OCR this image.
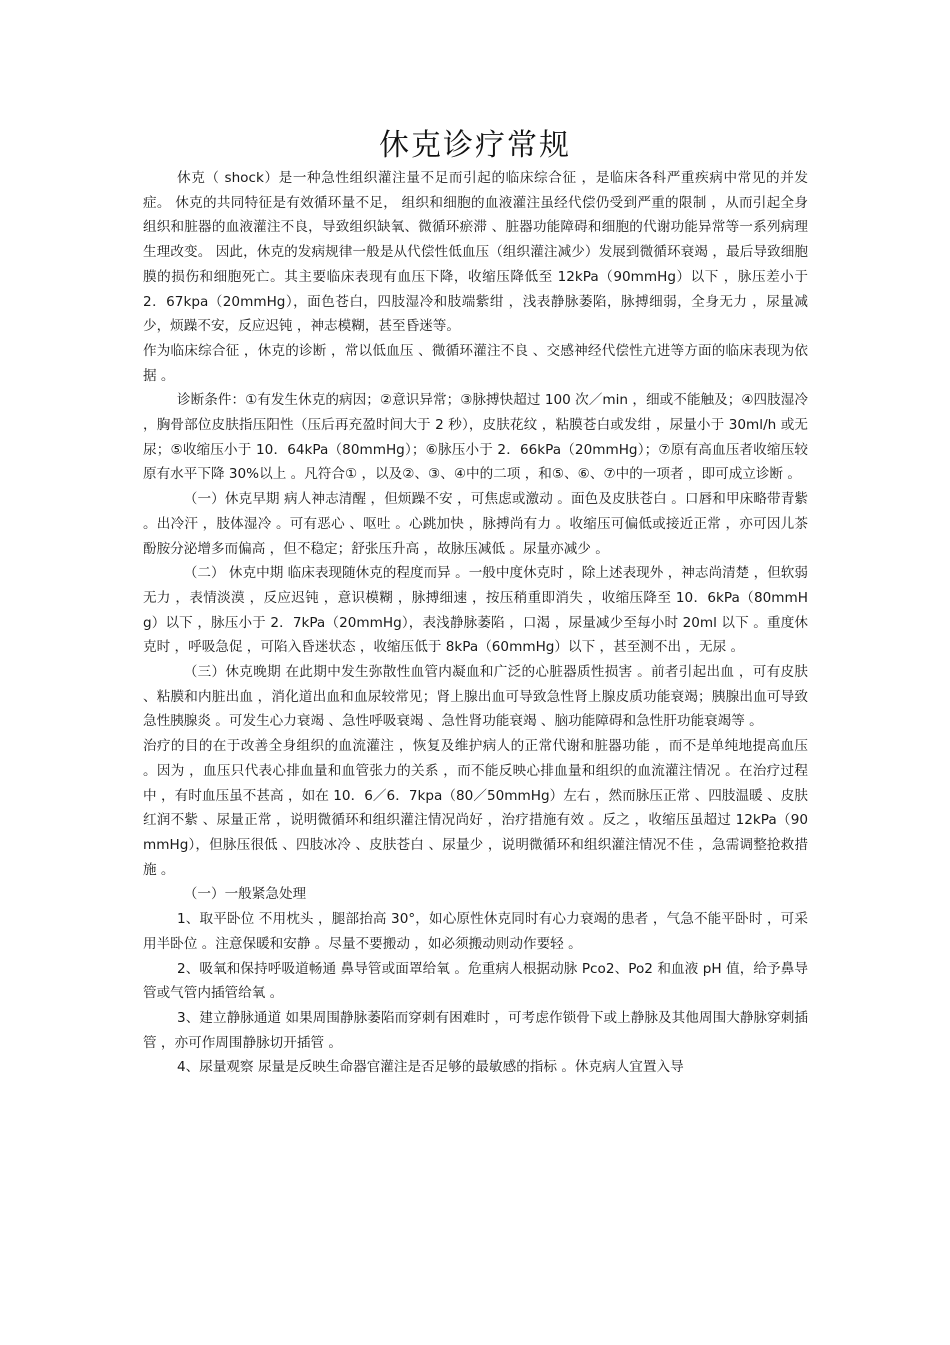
休克诊疗常规

休克（ shock）是一种急性组织灌注量不足而引起的临床综合征 ，是临床各科严重疾病中常见的并发症。 休克的共同特征是有效循环量不足， 组织和细胞的血液灌注虽经代偿仍受到严重的限制 ，从而引起全身组织和脏器的血液灌注不良，导致组织缺氧、微循环瘀滞 、脏器功能障碍和细胞的代谢功能异常等一系列病理生理改变。 因此，休克的发病规律一般是从代偿性低血压（组织灌注减少）发展到微循环衰竭 ，最后导致细胞膜的损伤和细胞死亡。其主要临床表现有血压下降，收缩压降低至 12kPa（90mmHg）以下 ，脉压差小于 2．67kpa（20mmHg），面色苍白，四肢湿冷和肢端紫绀 ，浅表静脉萎陷，脉搏细弱，全身无力 ，尿量减少，烦躁不安，反应迟钝 ，神志模糊，甚至昏迷等。

作为临床综合征 ，休克的诊断 ，常以低血压 、微循环灌注不良 、交感神经代偿性亢进等方面的临床表现为依据 。

诊断条件：①有发生休克的病因；②意识异常；③脉搏快超过 100 次／min ，细或不能触及；④四肢湿冷 ，胸骨部位皮肤指压阳性（压后再充盈时间大于 2 秒），皮肤花纹 ，粘膜苍白或发绀 ，尿量小于 30ml/h 或无尿；⑤收缩压小于 10．64kPa（80mmHg）；⑥脉压小于 2．66kPa（20mmHg）；⑦原有高血压者收缩压较原有水平下降 30%以上 。凡符合① ，以及②、③、④中的二项 ，和⑤、⑥、⑦中的一项者 ，即可成立诊断 。

（一）休克早期 病人神志清醒 ，但烦躁不安 ，可焦虑或激动 。面色及皮肤苍白 。口唇和甲床略带青紫 。出冷汗 ，肢体湿冷 。可有恶心 、呕吐 。心跳加快 ，脉搏尚有力 。收缩压可偏低或接近正常 ，亦可因儿茶酚胺分泌增多而偏高 ，但不稳定；舒张压升高 ，故脉压减低 。尿量亦减少 。

（二） 休克中期 临床表现随休克的程度而异 。一般中度休克时 ，除上述表现外 ，神志尚清楚 ，但软弱无力 ，表情淡漠 ，反应迟钝 ，意识模糊 ，脉搏细速 ，按压稍重即消失 ，收缩压降至 10．6kPa（80mmHg）以下 ，脉压小于 2．7kPa（20mmHg），表浅静脉萎陷 ，口渴 ，尿量减少至每小时 20ml 以下 。重度休克时 ，呼吸急促 ，可陷入昏迷状态 ，收缩压低于 8kPa（60mmHg）以下 ，甚至测不出 ，无尿 。

（三）休克晚期 在此期中发生弥散性血管内凝血和广泛的心脏器质性损害 。前者引起出血 ，可有皮肤 、粘膜和内脏出血 ，消化道出血和血尿较常见；肾上腺出血可导致急性肾上腺皮质功能衰竭；胰腺出血可导致急性胰腺炎 。可发生心力衰竭 、急性呼吸衰竭 、急性肾功能衰竭 、脑功能障碍和急性肝功能衰竭等 。

治疗的目的在于改善全身组织的血流灌注 ，恢复及维护病人的正常代谢和脏器功能 ，而不是单纯地提高血压 。因为 ，血压只代表心排血量和血管张力的关系 ，而不能反映心排血量和组织的血流灌注情况 。在治疗过程中 ，有时血压虽不甚高 ，如在 10．6／6．7kpa（80／50mmHg）左右 ，然而脉压正常 、四肢温暖 、皮肤红润不紫 、尿量正常 ，说明微循环和组织灌注情况尚好 ，治疗措施有效 。反之 ，收缩压虽超过 12kPa（90mmHg），但脉压很低 、四肢冰冷 、皮肤苍白 、尿量少 ，说明微循环和组织灌注情况不佳 ，急需调整抢救措施 。

（一）一般紧急处理

1、取平卧位 不用枕头 ，腿部抬高 30°，如心原性休克同时有心力衰竭的患者 ，气急不能平卧时 ，可采用半卧位 。注意保暖和安静 。尽量不要搬动 ，如必须搬动则动作要轻 。

2、吸氧和保持呼吸道畅通 鼻导管或面罩给氧 。危重病人根据动脉 Pco2、Po2 和血液 pH 值，给予鼻导管或气管内插管给氧 。

3、建立静脉通道 如果周围静脉萎陷而穿刺有困难时 ，可考虑作锁骨下或上静脉及其他周围大静脉穿刺插管 ，亦可作周围静脉切开插管 。

4、尿量观察 尿量是反映生命器官灌注是否足够的最敏感的指标 。休克病人宜置入导
